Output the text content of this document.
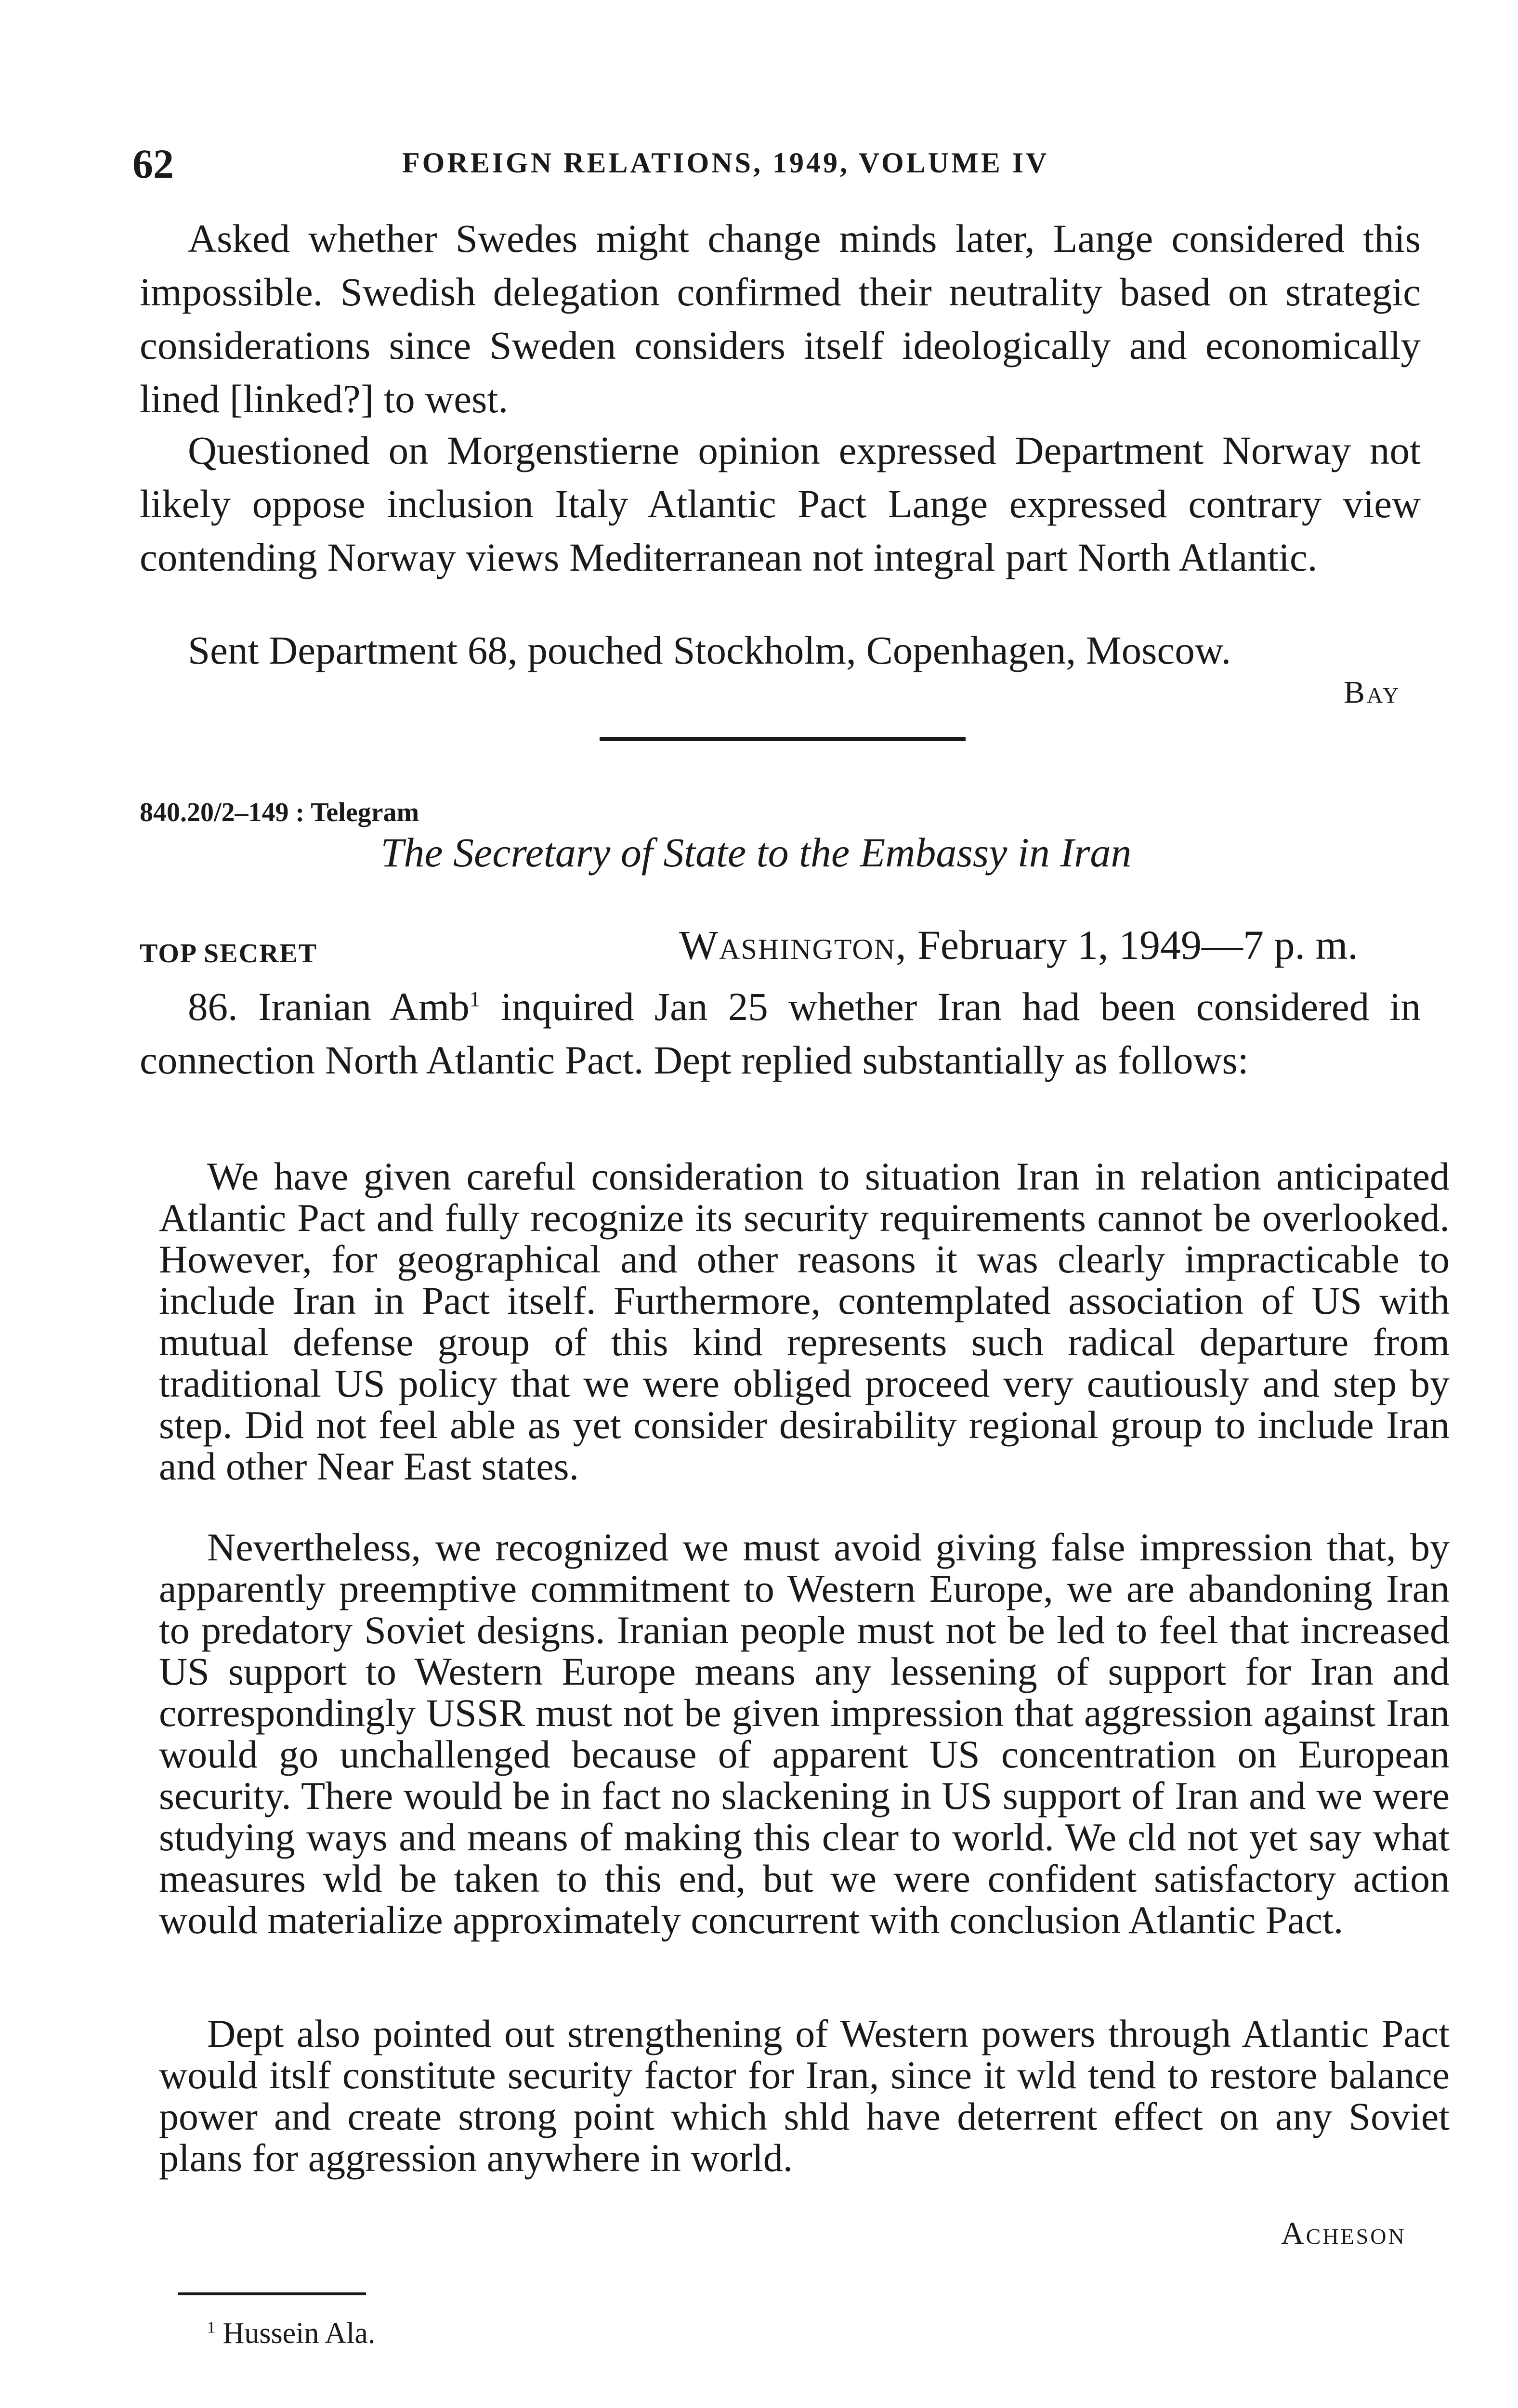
62	FOREIGN RELATIONS, 1949, VOLUME IV

Asked whether Swedes might change minds later, Lange considered this impossible. Swedish delegation confirmed their neutrality based on strategic considerations since Sweden considers itself ideologically and economically lined [linked?] to west.

Questioned on Morgenstierne opinion expressed Department Norway not likely oppose inclusion Italy Atlantic Pact Lange expressed contrary view contending Norway views Mediterranean not integral part North Atlantic.

Sent Department 68, pouched Stockholm, Copenhagen, Moscow.

Bay
840.20/2–149 : Telegram
The Secretary of State to the Embassy in Iran
TOP SECRET	Washington, February 1, 1949—7 p. m.

86. Iranian Amb$^1$ inquired Jan 25 whether Iran had been considered in connection North Atlantic Pact. Dept replied substantially as follows:

We have given careful consideration to situation Iran in relation anticipated Atlantic Pact and fully recognize its security requirements cannot be overlooked. However, for geographical and other reasons it was clearly impracticable to include Iran in Pact itself. Furthermore, contemplated association of US with mutual defense group of this kind represents such radical departure from traditional US policy that we were obliged proceed very cautiously and step by step. Did not feel able as yet consider desirability regional group to include Iran and other Near East states.

Nevertheless, we recognized we must avoid giving false impression that, by apparently preemptive commitment to Western Europe, we are abandoning Iran to predatory Soviet designs. Iranian people must not be led to feel that increased US support to Western Europe means any lessening of support for Iran and correspondingly USSR must not be given impression that aggression against Iran would go unchallenged because of apparent US concentration on European security. There would be in fact no slackening in US support of Iran and we were studying ways and means of making this clear to world. We cld not yet say what measures wld be taken to this end, but we were confident satisfactory action would materialize approximately concurrent with conclusion Atlantic Pact.

Dept also pointed out strengthening of Western powers through Atlantic Pact would itslf constitute security factor for Iran, since it wld tend to restore balance power and create strong point which shld have deterrent effect on any Soviet plans for aggression anywhere in world.

Acheson
$^1$ Hussein Ala.
